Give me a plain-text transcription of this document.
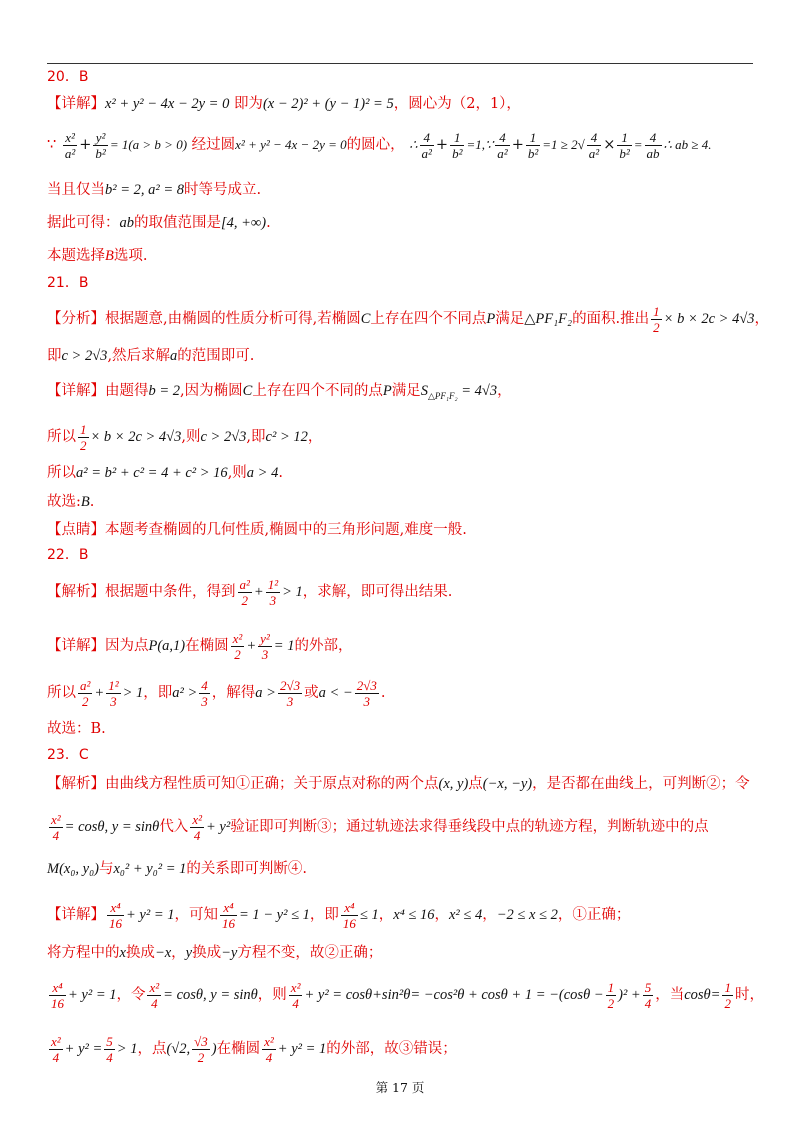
20．B
【详解】x² + y² − 4x − 2y = 0 即为(x − 2)² + (y − 1)² = 5，圆心为（2，1），
∵ $\frac{\text{x²}}{\text{a²}} + \frac{\text{y²}}{\text{b²}} = 1(a > b > 0)$ 经过圆x² + y² − 4x − 2y = 0的圆心， ∴ $\frac{4}{\text{a²}} + \frac{1}{\text{b²}}$ =1,∵ $\frac{4}{\text{a²}} + \frac{1}{\text{b²}} =1 \ge 2√ \frac{4}{\text{a²}} \times \frac{1}{\text{b²}} = \frac{4}{ab}$ ∴ ab ≥ 4.
当且仅当b² = 2, a² = 8时等号成立.
据此可得：ab的取值范围是[4, +∞).
本题选择B选项.
21．B
【分析】根据题意,由椭圆的性质分析可得,若椭圆C上存在四个不同点P满足△PF₁F₂的面积.推出 $\frac{1}{2} \times b \times 2c > 4√3$，
即c > 2√3,然后求解a的范围即可.
【详解】由题得b = 2,因为椭圆C上存在四个不同的点P满足$S_{\triangle PF_1F_2} = 4√3$，
所以 $\frac{1}{2} \times b \times 2c > 4√3$,则c > 2√3,即c² > 12，
所以a² = b² + c² = 4 + c² > 16,则a > 4.
故选:B.
【点睛】本题考查椭圆的几何性质,椭圆中的三角形问题,难度一般.
22．B
【解析】根据题中条件，得到 $\frac{\text{a²}}{2} + \frac{\text{1²}}{3} > 1$，求解，即可得出结果.
【详解】因为点P(a,1)在椭圆 $\frac{\text{x²}}{2} + \frac{\text{y²}}{3} = 1$的外部，
所以 $\frac{\text{a²}}{2} + \frac{\text{1²}}{3} > 1$，即$a^2 > \frac{4}{3}$ ，解得$a > \frac{2√3}{3}$ 或a < − $\frac{2√3}{3}$ .
故选：B.
23．C
【解析】由曲线方程性质可知①正确；关于原点对称的两个点(x, y)点(−x, −y)，是否都在曲线上，可判断②；令
$\frac{\text{x²}}{4} = \cos\theta$, y = sinθ代入 $\frac{\text{x²}}{4} + y^2$验证即可判断③；通过轨迹法求得垂线段中点的轨迹方程，判断轨迹中的点
M(x₀, y₀)与x₀² + y₀² = 1的关系即可判断④.
【详解】 $\frac{\text{x⁴}}{16} + y^2 = 1$，可知 $\frac{\text{x⁴}}{16} = 1 - y^2 \le 1$，即 $\frac{\text{x⁴}}{16} \le 1$，x⁴ ≤ 16，x² ≤ 4，−2 ≤ x ≤ 2，①正确；
将方程中的x换成−x，y换成−y方程不变，故②正确；
$\frac{\text{x⁴}}{16} + y^2 = 1$，令 $\frac{\text{x²}}{4} = \cos\theta$, y = sinθ，则 $\frac{\text{x²}}{4} + y^2 = \cos\theta+\sin^2\theta= -\cos^2\theta + \cos\theta + 1 = -(\cos\theta - \frac{1}{2} )^2 + \frac{5}{4}$ ，当$\cos\theta= \frac{1}{2}$ 时，
$\frac{\text{x²}}{4} + y^2 = \frac{5}{4} > 1$，点(√2, $\frac{√3}{2}$ )在椭圆 $\frac{\text{x²}}{4} + y^2 = 1$的外部，故③错误；
第 17 页
